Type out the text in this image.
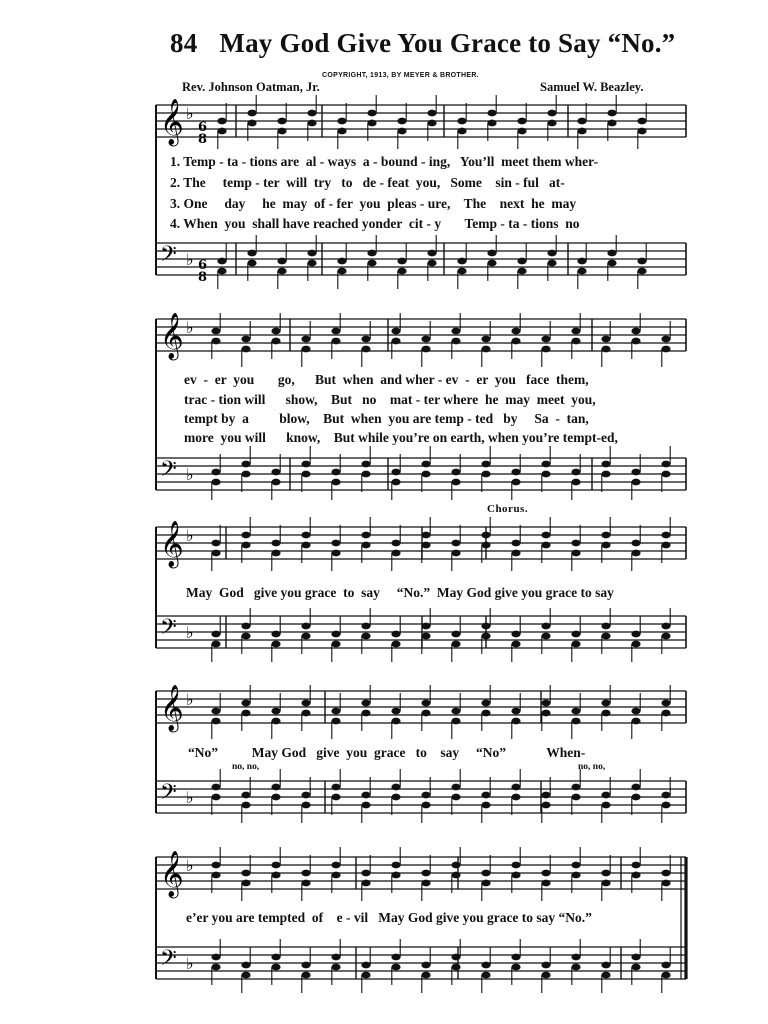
𝄞 ♭
6
8
𝄢 ♭ 6
8
𝄞 ♭
𝄢 ♭
𝄞 ♭
𝄢 ♭
𝄞 ♭
𝄢 ♭
𝄞 ♭
𝄢 ♭
84 May God Give You Grace to Say “No.”
COPYRIGHT, 1913, BY MEYER & BROTHER.
Rev. Johnson Oatman, Jr.	Samuel W. Beazley.
1. Temp - ta - tions are  al - ways  a - bound - ing,   You’ll  meet them wher-
2. The     temp - ter  will  try   to   de - feat  you,   Some    sin - ful   at-
3. One     day     he  may  of - fer  you  pleas - ure,    The    next  he  may
4. When  you  shall have reached yonder  cit - y       Temp - ta - tions  no
ev  -  er  you       go,      But  when  and wher - ev  -  er  you   face  them,
trac - tion will      show,    But   no    mat - ter where  he  may  meet  you,
tempt by  a         blow,    But  when  you are temp - ted   by     Sa  -  tan,
more  you will      know,    But while you’re on earth, when you’re tempt-ed,
Chorus.
May  God   give you grace  to  say     “No.”  May God give you grace to say
“No”          May God   give  you  grace   to    say     “No”            When-
no, no,	no, no,
e’er you are tempted  of    e - vil   May God give you grace to say “No.”
